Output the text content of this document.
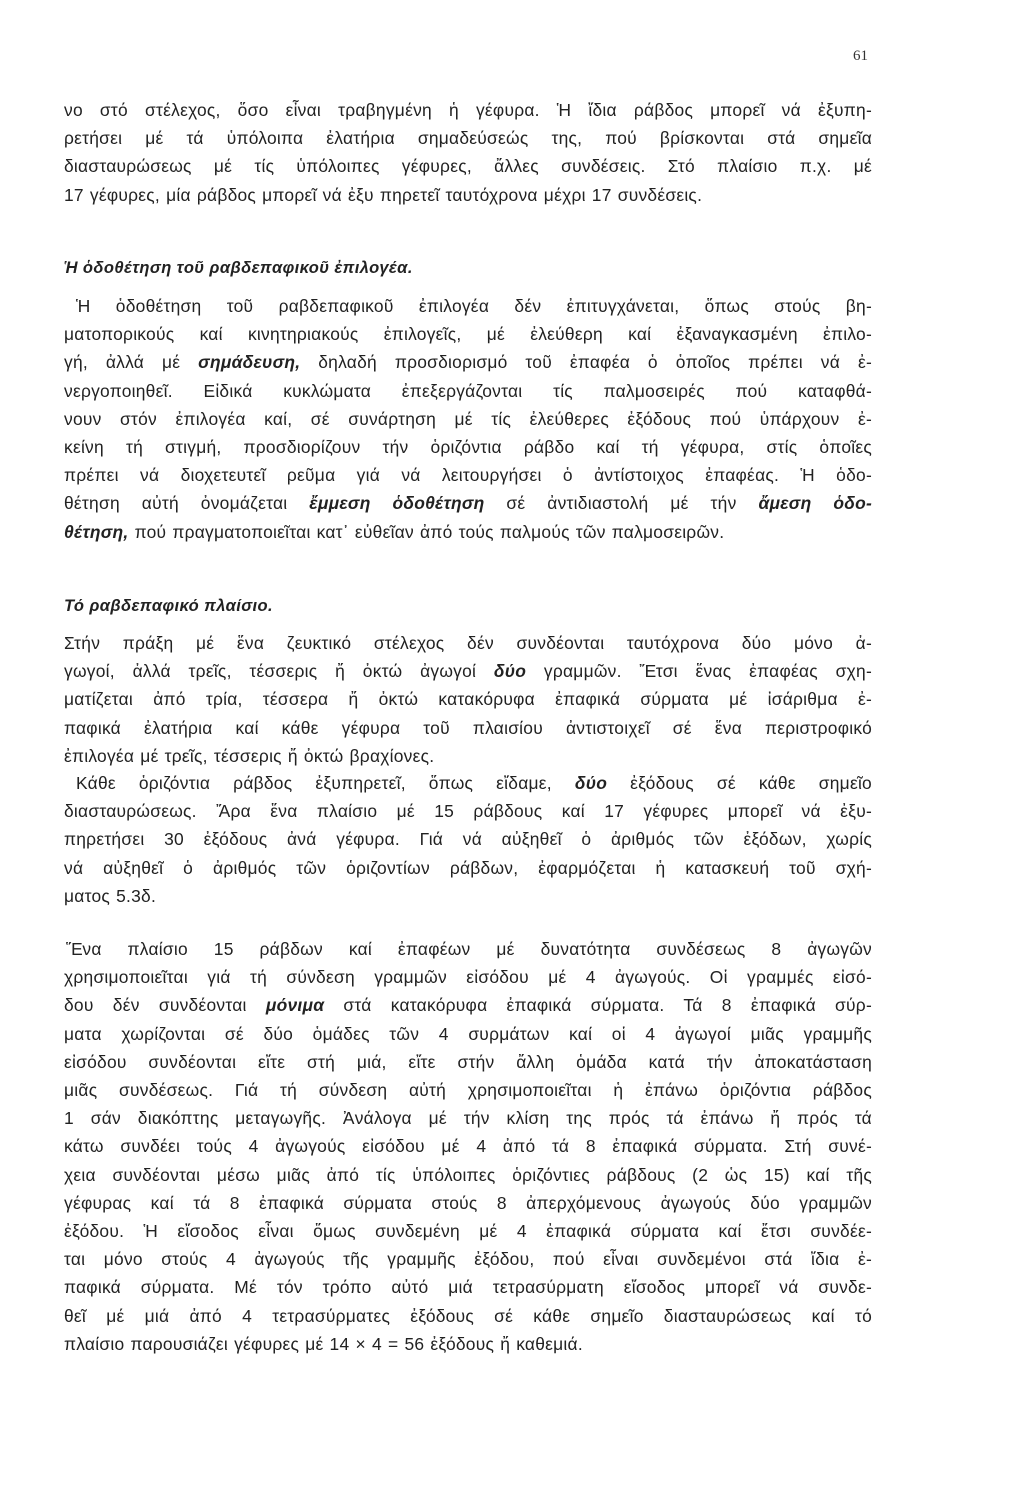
61

νο στό στέλεχος, ὅσο εἶναι τραβηγμένη ἡ γέφυρα. Ἡ ἴδια ράβδος μπορεῖ νά ἐξυπη-
ρετήσει μέ τά ὑπόλοιπα ἐλατήρια σημαδεύσεώς της, πού βρίσκονται στά σημεῖα
διασταυρώσεως μέ τίς ὑπόλοιπες γέφυρες, ἄλλες συνδέσεις. Στό πλαίσιο π.χ. μέ
17 γέφυρες, μία ράβδος μπορεῖ νά ἐξυ πηρετεῖ ταυτόχρονα μέχρι 17 συνδέσεις.

Ἡ ὁδοθέτηση τοῦ ραβδεπαφικοῦ ἐπιλογέα.

Ἡ ὁδοθέτηση τοῦ ραβδεπαφικοῦ ἐπιλογέα δέν ἐπιτυγχάνεται, ὅπως στούς βη-
ματοπορικούς καί κινητηριακούς ἐπιλογεῖς, μέ ἐλεύθερη καί ἐξαναγκασμένη ἐπιλο-
γή, ἀλλά μέ σημάδευση, δηλαδή προσδιορισμό τοῦ ἐπαφέα ὁ ὁποῖος πρέπει νά ἐ-
νεργοποιηθεῖ. Εἰδικά κυκλώματα ἐπεξεργάζονται τίς παλμοσειρές πού καταφθά-
νουν στόν ἐπιλογέα καί, σέ συνάρτηση μέ τίς ἐλεύθερες ἐξόδους πού ὑπάρχουν ἐ-
κείνη τή στιγμή, προσδιορίζουν τήν ὁριζόντια ράβδο καί τή γέφυρα, στίς ὁποῖες
πρέπει νά διοχετευτεῖ ρεῦμα γιά νά λειτουργήσει ὁ ἀντίστοιχος ἐπαφέας. Ἡ ὁδο-
θέτηση αὐτή ὀνομάζεται ἔμμεση ὁδοθέτηση σέ ἀντιδιαστολή μέ τήν ἄμεση ὁδο-
θέτηση, πού πραγματοποιεῖται κατ᾽ εὐθεῖαν ἀπό τούς παλμούς τῶν παλμοσειρῶν.

Τό ραβδεπαφικό πλαίσιο.

Στήν πράξη μέ ἕνα ζευκτικό στέλεχος δέν συνδέονται ταυτόχρονα δύο μόνο ἀ-
γωγοί, ἀλλά τρεῖς, τέσσερις ἤ ὀκτώ ἀγωγοί δύο γραμμῶν. Ἔτσι ἕνας ἐπαφέας σχη-
ματίζεται ἀπό τρία, τέσσερα ἤ ὀκτώ κατακόρυφα ἐπαφικά σύρματα μέ ἰσάριθμα ἐ-
παφικά ἐλατήρια καί κάθε γέφυρα τοῦ πλαισίου ἀντιστοιχεῖ σέ ἕνα περιστροφικό
ἐπιλογέα μέ τρεῖς, τέσσερις ἤ ὀκτώ βραχίονες.

Κάθε ὁριζόντια ράβδος ἐξυπηρετεῖ, ὅπως εἴδαμε, δύο ἐξόδους σέ κάθε σημεῖο
διασταυρώσεως. Ἄρα ἕνα πλαίσιο μέ 15 ράβδους καί 17 γέφυρες μπορεῖ νά ἐξυ-
πηρετήσει 30 ἐξόδους ἀνά γέφυρα. Γιά νά αὐξηθεῖ ὁ ἀριθμός τῶν ἐξόδων, χωρίς
νά αὐξηθεῖ ὁ ἀριθμός τῶν ὁριζοντίων ράβδων, ἐφαρμόζεται ἡ κατασκευή τοῦ σχή-
ματος 5.3δ.

Ἕνα πλαίσιο 15 ράβδων καί ἐπαφέων μέ δυνατότητα συνδέσεως 8 ἀγωγῶν
χρησιμοποιεῖται γιά τή σύνδεση γραμμῶν εἰσόδου μέ 4 ἀγωγούς. Οἱ γραμμές εἰσό-
δου δέν συνδέονται μόνιμα στά κατακόρυφα ἐπαφικά σύρματα. Τά 8 ἐπαφικά σύρ-
ματα χωρίζονται σέ δύο ὁμάδες τῶν 4 συρμάτων καί οἱ 4 ἀγωγοί μιᾶς γραμμῆς
εἰσόδου συνδέονται εἴτε στή μιά, εἴτε στήν ἄλλη ὁμάδα κατά τήν ἀποκατάσταση
μιᾶς συνδέσεως. Γιά τή σύνδεση αὐτή χρησιμοποιεῖται ἡ ἐπάνω ὁριζόντια ράβδος
1 σάν διακόπτης μεταγωγῆς. Ἀνάλογα μέ τήν κλίση της πρός τά ἐπάνω ἤ πρός τά
κάτω συνδέει τούς 4 ἀγωγούς εἰσόδου μέ 4 ἀπό τά 8 ἐπαφικά σύρματα. Στή συνέ-
χεια συνδέονται μέσω μιᾶς ἀπό τίς ὑπόλοιπες ὁριζόντιες ράβδους (2 ὡς 15) καί τῆς
γέφυρας καί τά 8 ἐπαφικά σύρματα στούς 8 ἀπερχόμενους ἀγωγούς δύο γραμμῶν
ἐξόδου. Ἡ εἴσοδος εἶναι ὅμως συνδεμένη μέ 4 ἐπαφικά σύρματα καί ἔτσι συνδέε-
ται μόνο στούς 4 ἀγωγούς τῆς γραμμῆς ἐξόδου, πού εἶναι συνδεμένοι στά ἴδια ἐ-
παφικά σύρματα. Μέ τόν τρόπο αὐτό μιά τετρασύρματη εἴσοδος μπορεῖ νά συνδε-
θεῖ μέ μιά ἀπό 4 τετρασύρματες ἐξόδους σέ κάθε σημεῖο διασταυρώσεως καί τό
πλαίσιο παρουσιάζει γέφυρες μέ 14 × 4 = 56 ἐξόδους ἤ καθεμιά.
